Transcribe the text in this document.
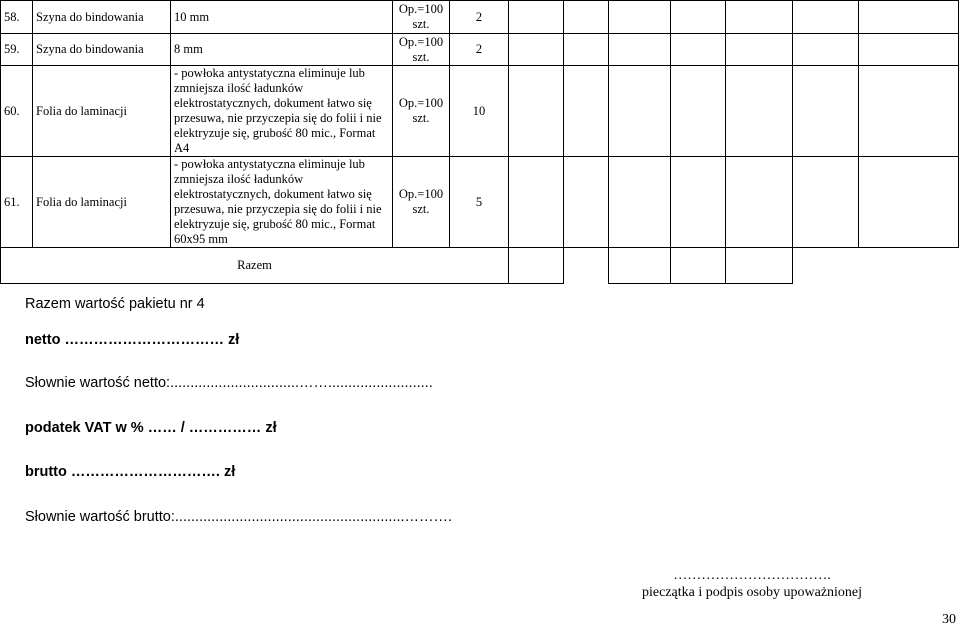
58.	Szyna do bindowania	10 mm	Op.=100 szt.	2							
59.	Szyna do bindowania	8 mm	Op.=100 szt.	2							
60.	Folia do laminacji	- powłoka antystatyczna eliminuje lub zmniejsza ilość ładunków elektrostatycznych, dokument łatwo się przesuwa, nie przyczepia się do folii i nie elektryzuje się, grubość 80 mic., Format A4	Op.=100 szt.	10							
61.	Folia do laminacji	- powłoka antystatyczna eliminuje lub zmniejsza ilość ładunków elektrostatycznych, dokument łatwo się przesuwa, nie przyczepia się do folii i nie elektryzuje się, grubość 80 mic., Format 60x95 mm	Op.=100 szt.	5							
Razem											
Razem wartość pakietu nr 4
netto …………………………… zł
Słownie wartość netto:................................……..........................
podatek VAT w % …… / …………… zł
brutto …………………………. zł
Słownie wartość brutto:.........................................................……….
…………………………….
pieczątka i podpis osoby upoważnionej
30
